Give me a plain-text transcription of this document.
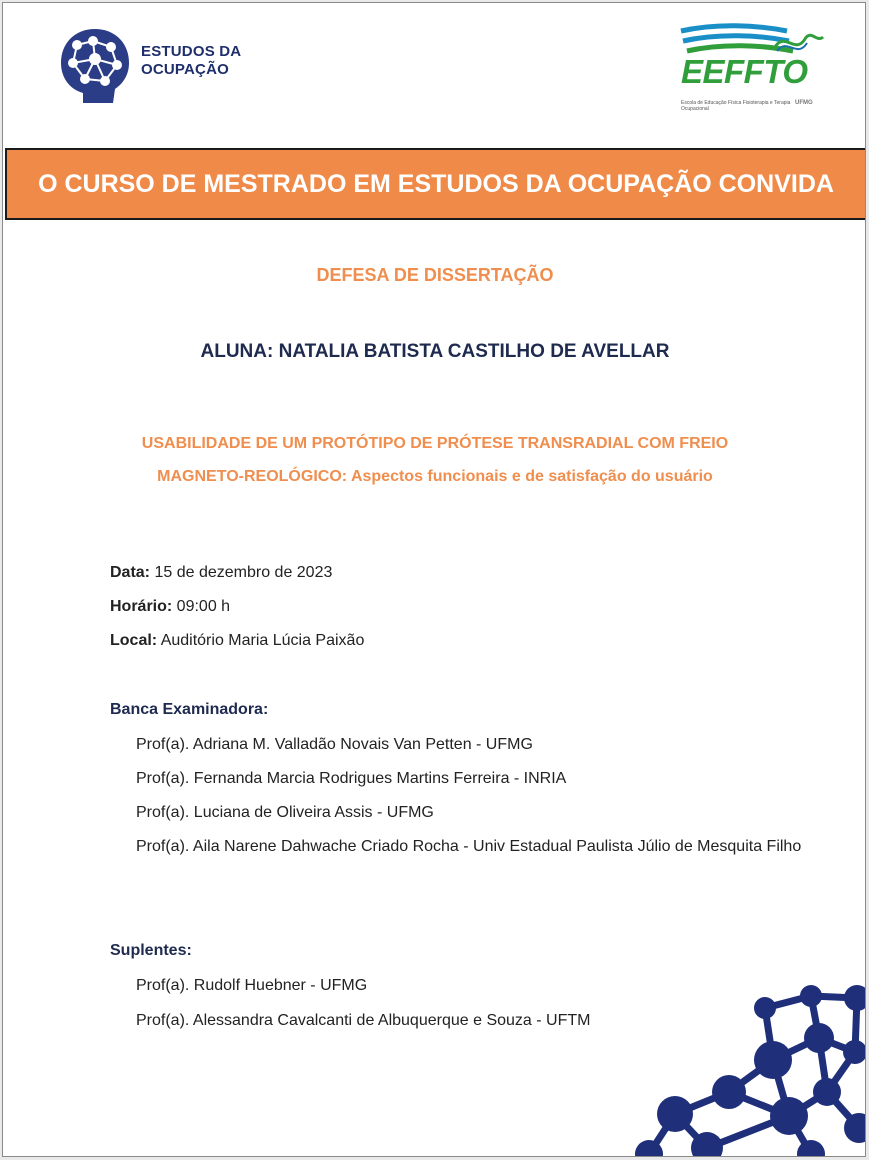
ESTUDOS DA
OCUPAÇÃO	EEFFTO
Escola de Educação Física Fisioterapia e Terapia Ocupacional
UFMG

O CURSO DE MESTRADO EM ESTUDOS DA OCUPAÇÃO CONVIDA

DEFESA DE DISSERTAÇÃO
ALUNA: NATALIA BATISTA CASTILHO DE AVELLAR
USABILIDADE DE UM PROTÓTIPO DE PRÓTESE TRANSRADIAL COM FREIO
MAGNETO-REOLÓGICO: Aspectos funcionais e de satisfação do usuário
Data: 15 de dezembro de 2023
Horário: 09:00 h
Local: Auditório Maria Lúcia Paixão
Banca Examinadora:
Prof(a). Adriana M. Valladão Novais Van Petten - UFMG
Prof(a). Fernanda Marcia Rodrigues Martins Ferreira - INRIA
Prof(a). Luciana de Oliveira Assis - UFMG
Prof(a). Aila Narene Dahwache Criado Rocha - Univ Estadual Paulista Júlio de Mesquita Filho
Suplentes:
Prof(a). Rudolf Huebner - UFMG
Prof(a). Alessandra Cavalcanti de Albuquerque e Souza - UFTM
